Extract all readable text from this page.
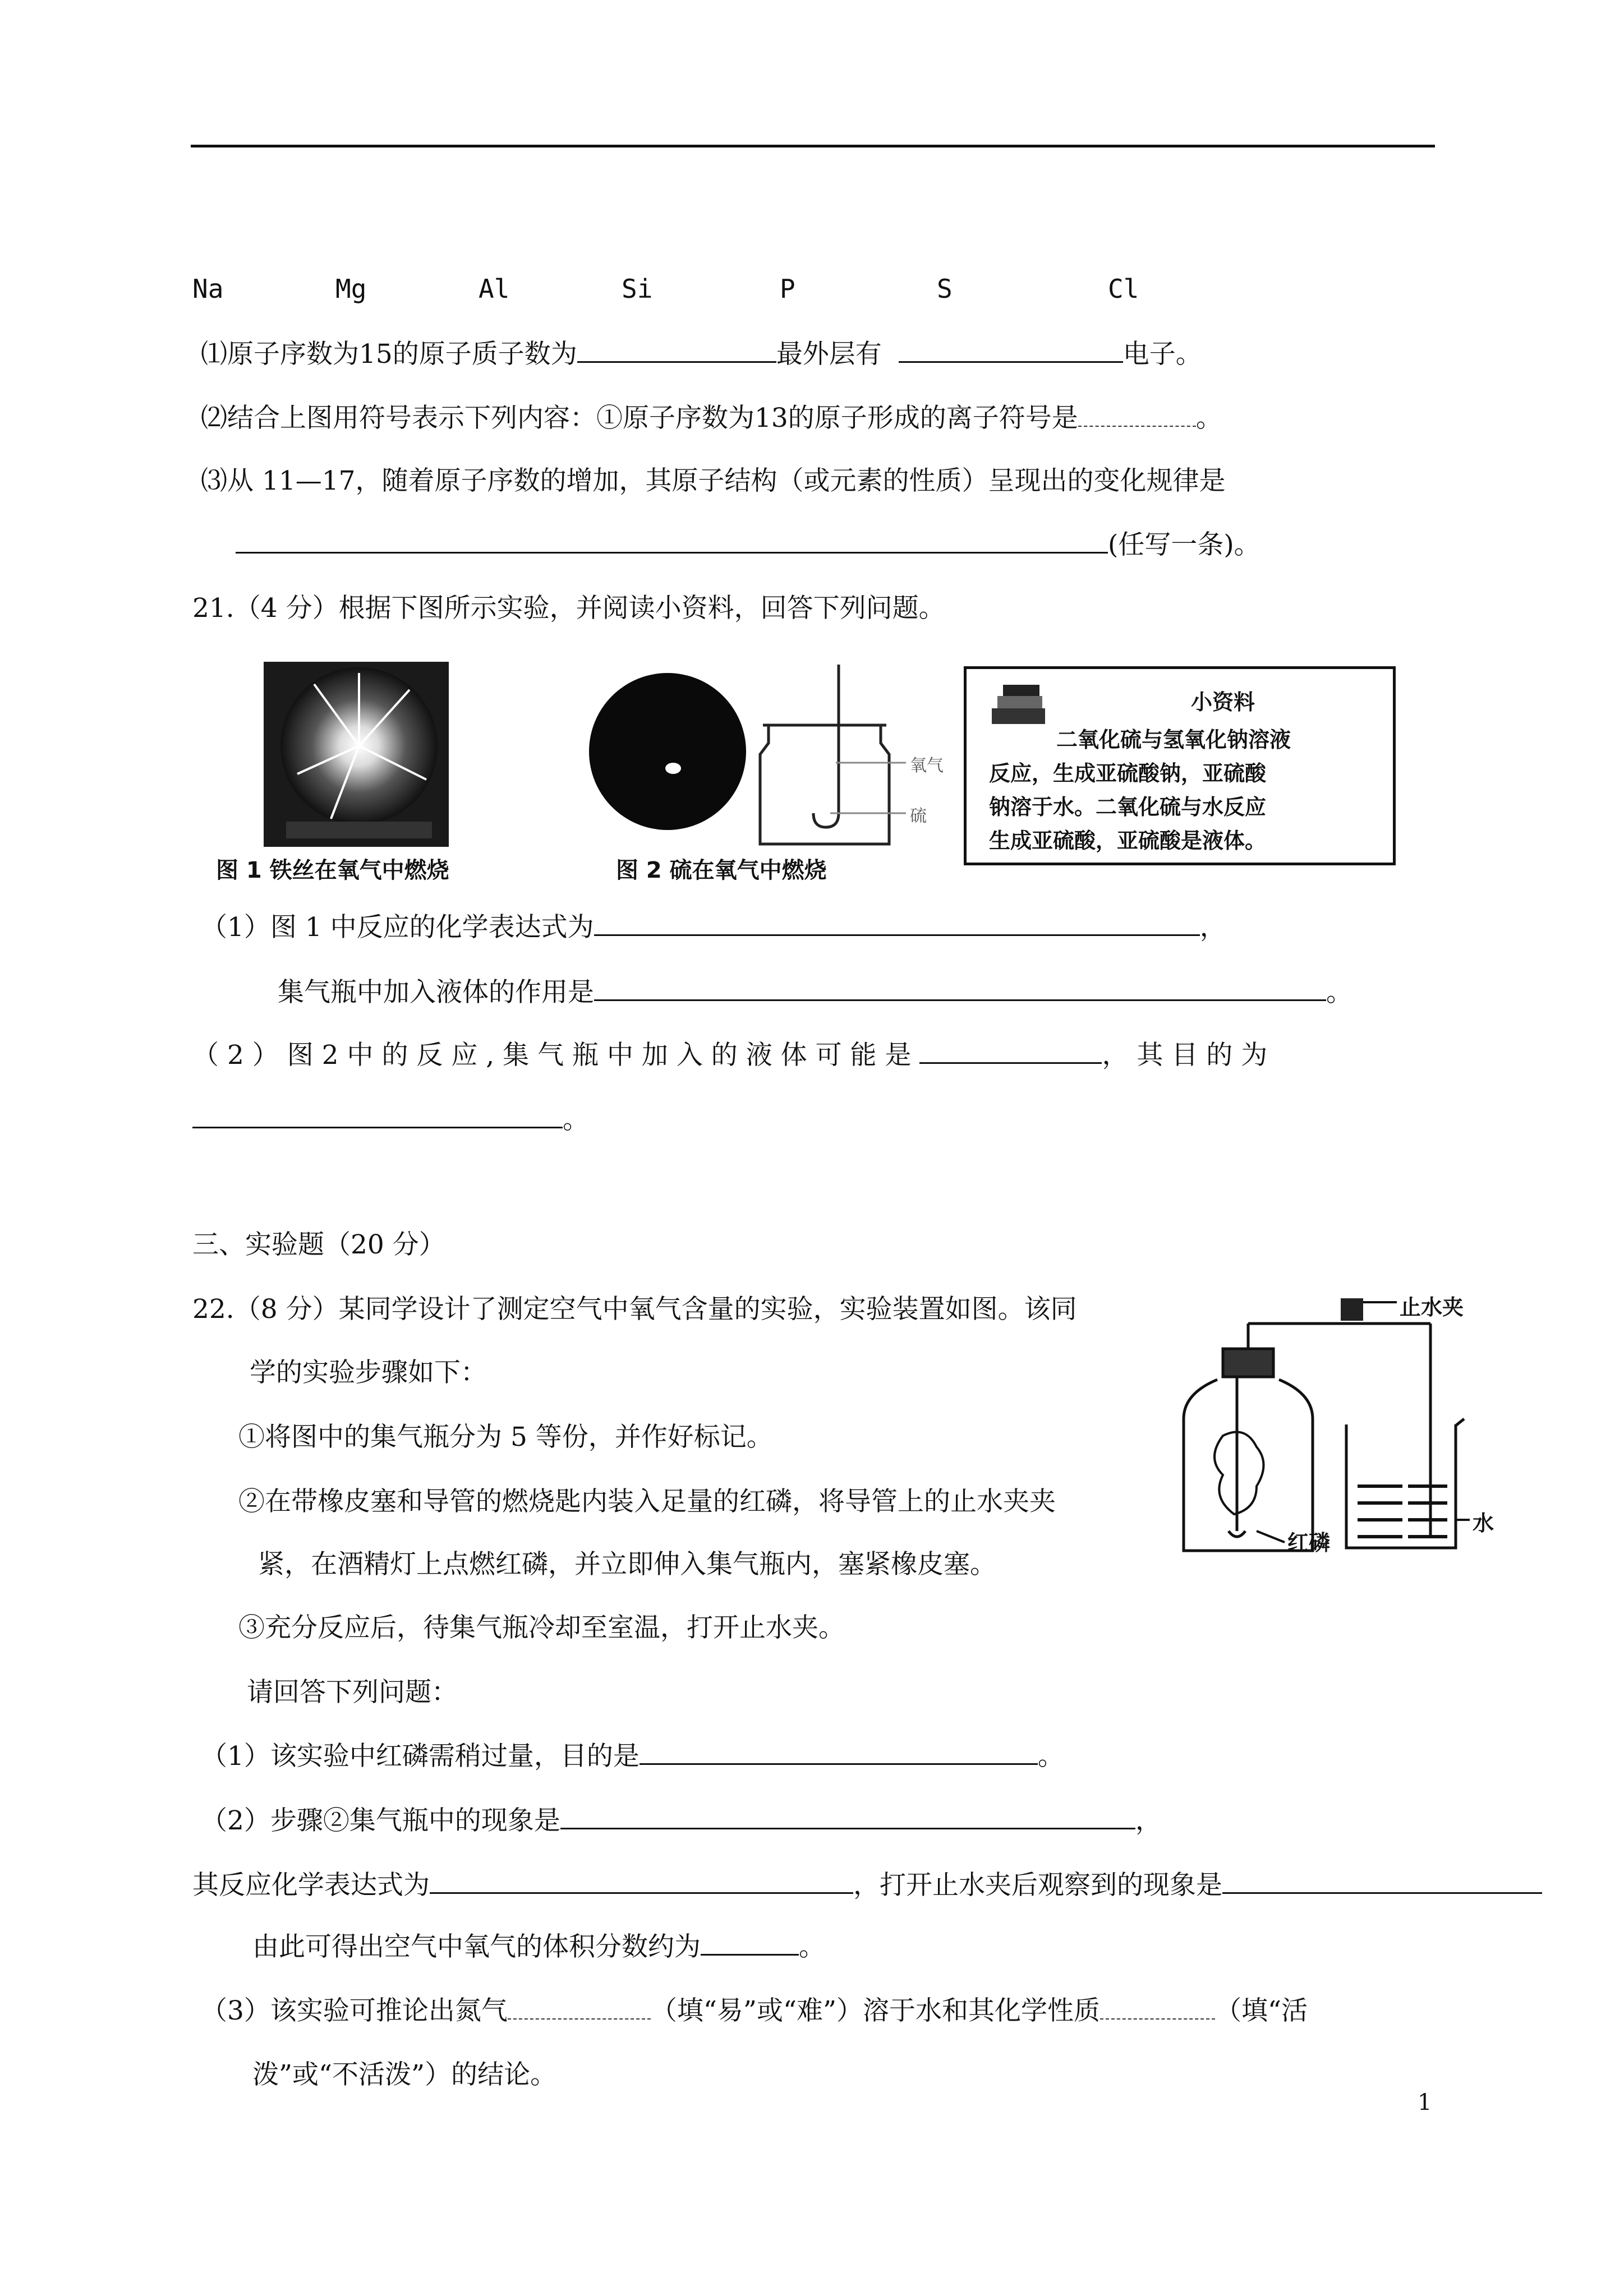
Na	Mg	Al	Si	P	S	Cl
⑴原子序数为15的原子质子数为	最外层有	电子。
⑵结合上图用符号表示下列内容：①原子序数为13的原子形成的离子符号是	。
⑶从 11—17，随着原子序数的增加，其原子结构（或元素的性质）呈现出的变化规律是
(任写一条)。
21.（4 分）根据下图所示实验，并阅读小资料，回答下列问题。
图 1 铁丝在氧气中燃烧	图 2 硫在氧气中燃烧
氧气
硫
小资料
二氧化硫与氢氧化钠溶液
反应，生成亚硫酸钠，亚硫酸
钠溶于水。二氧化硫与水反应
生成亚硫酸，亚硫酸是液体。
（1）图 1 中反应的化学表达式为	，
集气瓶中加入液体的作用是	。
（ 2 ） 图 2 中 的 反 应 , 集 气 瓶 中 加 入 的 液 体 可 能 是	， 其 目 的 为
。
三、实验题（20 分）
22.（8 分）某同学设计了测定空气中氧气含量的实验，实验装置如图。该同
学的实验步骤如下：
①将图中的集气瓶分为 5 等份，并作好标记。
②在带橡皮塞和导管的燃烧匙内装入足量的红磷，将导管上的止水夹夹
紧，在酒精灯上点燃红磷，并立即伸入集气瓶内，塞紧橡皮塞。
③充分反应后，待集气瓶冷却至室温，打开止水夹。
请回答下列问题：
止水夹
红磷
水
（1）该实验中红磷需稍过量，目的是	。
（2）步骤②集气瓶中的现象是	，
其反应化学表达式为	，打开止水夹后观察到的现象是
由此可得出空气中氧气的体积分数约为	。
（3）该实验可推论出氮气	（填“易”或“难”）溶于水和其化学性质	（填“活
泼”或“不活泼”）的结论。
1
